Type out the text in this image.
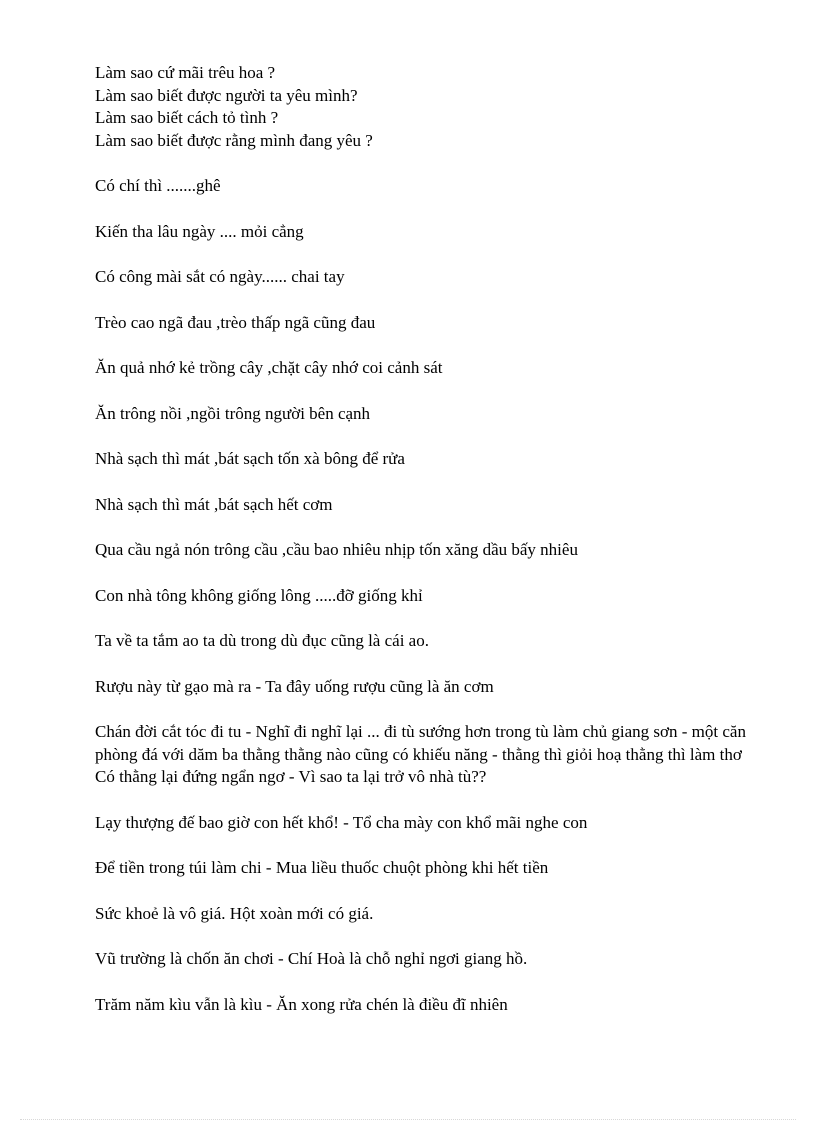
Làm sao cứ mãi trêu hoa ?

Làm sao biết được người ta yêu mình?

Làm sao biết cách tỏ tình ?

Làm sao biết được rằng mình đang yêu ?

Có chí thì .......ghê

Kiến tha lâu ngày .... mỏi cẳng

Có công mài sắt có ngày...... chai tay

Trèo cao ngã đau ,trèo thấp ngã cũng đau

Ăn quả nhớ kẻ trồng cây ,chặt cây nhớ coi cảnh sát

Ăn trông nồi ,ngồi trông người bên cạnh

Nhà sạch thì mát ,bát sạch tốn xà bông để rửa

Nhà sạch thì mát ,bát sạch hết cơm

Qua cầu ngả nón trông cầu ,cầu bao nhiêu nhịp tốn xăng dầu bấy nhiêu

Con nhà tông không giống lông .....đỡ giống khỉ

Ta về ta tắm ao ta dù trong dù đục cũng là cái ao.

Rượu này từ gạo mà ra - Ta đây uống rượu cũng là ăn cơm

Chán đời cắt tóc đi tu - Nghĩ đi nghĩ lại ... đi tù sướng hơn trong tù làm chủ giang sơn - một căn phòng đá với dăm ba thằng thằng nào cũng có khiếu năng - thằng thì giỏi hoạ thằng thì làm thơ Có thằng lại đứng ngẩn ngơ - Vì sao ta lại trở vô nhà tù??

Lạy thượng đế bao giờ con hết khổ! - Tổ cha mày con khổ mãi nghe con

Để tiền trong túi làm chi - Mua liều thuốc chuột phòng khi hết tiền

Sức khoẻ là vô giá. Hột xoàn mới có giá.

Vũ trường là chốn ăn chơi - Chí Hoà là chỗ nghỉ ngơi giang hồ.

Trăm năm kìu vẫn là kìu - Ăn xong rửa chén là điều đĩ nhiên
